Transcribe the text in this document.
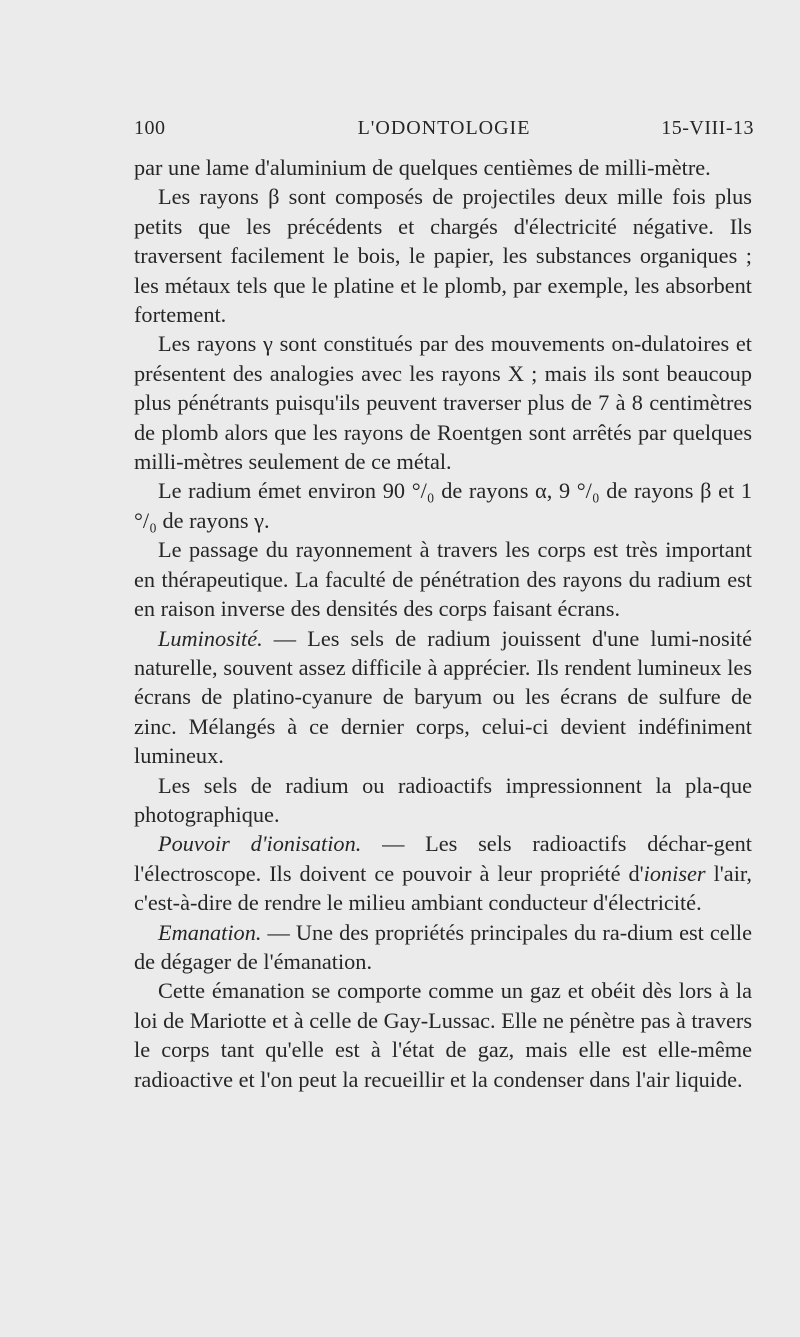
100	L'ODONTOLOGIE	15-VIII-13

par une lame d'aluminium de quelques centièmes de milli-mètre.

Les rayons β sont composés de projectiles deux mille fois plus petits que les précédents et chargés d'électricité négative. Ils traversent facilement le bois, le papier, les substances organiques ; les métaux tels que le platine et le plomb, par exemple, les absorbent fortement.

Les rayons γ sont constitués par des mouvements on-dulatoires et présentent des analogies avec les rayons X ; mais ils sont beaucoup plus pénétrants puisqu'ils peuvent traverser plus de 7 à 8 centimètres de plomb alors que les rayons de Roentgen sont arrêtés par quelques milli-mètres seulement de ce métal.

Le radium émet environ 90 °/₀ de rayons α, 9 °/₀ de rayons β et 1 °/₀ de rayons γ.

Le passage du rayonnement à travers les corps est très important en thérapeutique. La faculté de pénétration des rayons du radium est en raison inverse des densités des corps faisant écrans.

Luminosité. — Les sels de radium jouissent d'une lumi-nosité naturelle, souvent assez difficile à apprécier. Ils rendent lumineux les écrans de platino-cyanure de baryum ou les écrans de sulfure de zinc. Mélangés à ce dernier corps, celui-ci devient indéfiniment lumineux.

Les sels de radium ou radioactifs impressionnent la pla-que photographique.

Pouvoir d'ionisation. — Les sels radioactifs déchar-gent l'électroscope. Ils doivent ce pouvoir à leur propriété d'ioniser l'air, c'est-à-dire de rendre le milieu ambiant conducteur d'électricité.

Emanation. — Une des propriétés principales du ra-dium est celle de dégager de l'émanation.

Cette émanation se comporte comme un gaz et obéit dès lors à la loi de Mariotte et à celle de Gay-Lussac. Elle ne pénètre pas à travers le corps tant qu'elle est à l'état de gaz, mais elle est elle-même radioactive et l'on peut la recueillir et la condenser dans l'air liquide.
